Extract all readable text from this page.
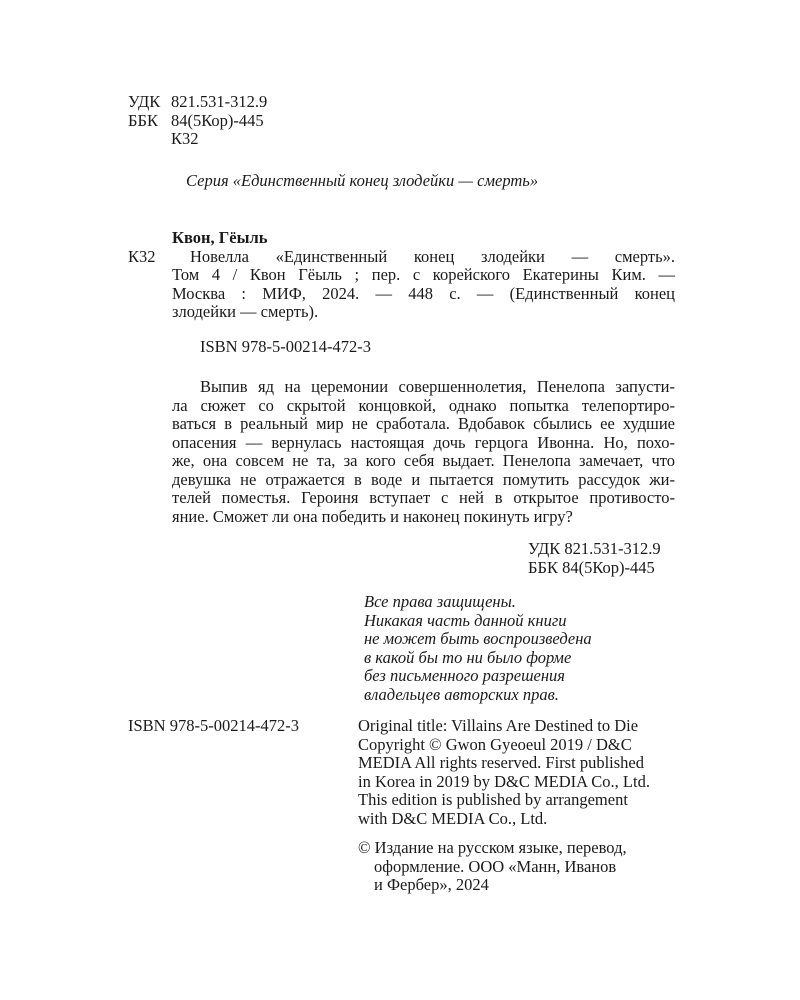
УДК 821.531-312.9
ББК 84(5Кор)-445
К32
Серия «Единственный конец злодейки — смерть»
Квон, Гёыль
К32 Новелла «Единственный конец злодейки — смерть».
Том 4 / Квон Гёыль ; пер. с корейского Екатерины Ким. —
Москва : МИФ, 2024. — 448 с. — (Единственный конец
злодейки — смерть).
ISBN 978-5-00214-472-3
Выпив яд на церемонии совершеннолетия, Пенелопа запусти-
ла сюжет со скрытой концовкой, однако попытка телепортиро-
ваться в реальный мир не сработала. Вдобавок сбылись ее худшие
опасения — вернулась настоящая дочь герцога Ивонна. Но, похо-
же, она совсем не та, за кого себя выдает. Пенелопа замечает, что
девушка не отражается в воде и пытается помутить рассудок жи-
телей поместья. Героиня вступает с ней в открытое противосто-
яние. Сможет ли она победить и наконец покинуть игру?
УДК 821.531-312.9
ББК 84(5Кор)-445
Все права защищены.
Никакая часть данной книги
не может быть воспроизведена
в какой бы то ни было форме
без письменного разрешения
владельцев авторских прав.
ISBN 978-5-00214-472-3	Original title: Villains Are Destined to Die
Copyright © Gwon Gyeoeul 2019 / D&C
MEDIA All rights reserved. First published
in Korea in 2019 by D&C MEDIA Co., Ltd.
This edition is published by arrangement
with D&C MEDIA Co., Ltd.
© Издание на русском языке, перевод,
оформление. ООО «Манн, Иванов
и Фербер», 2024
